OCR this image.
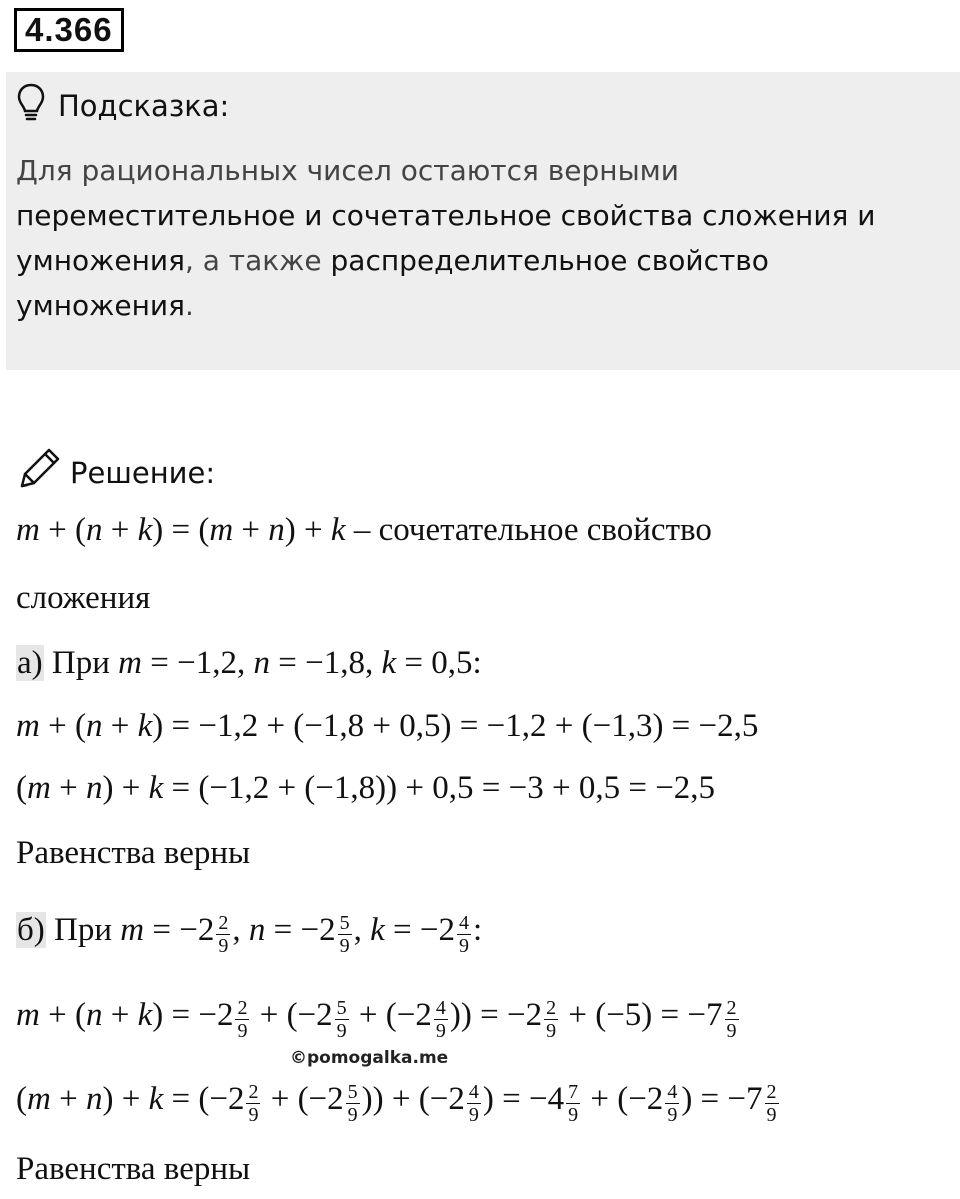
4.366
Подсказка:
Для рациональных чисел остаются верными
переместительное и сочетательное свойства сложения и умножения, а также распределительное свойство умножения.
Решение:
m + (n + k) = (m + n) + k – сочетательное свойство
сложения
а) При m = −1,2, n = −1,8, k = 0,5:
m + (n + k) = −1,2 + (−1,8 + 0,5) = −1,2 + (−1,3) = −2,5
(m + n) + k = (−1,2 + (−1,8)) + 0,5 = −3 + 0,5 = −2,5
Равенства верны
б) При $m = -2 \frac{2}{9}$ , $n = -2 \frac{5}{9}$ , $k = -2 \frac{4}{9}$ :
$m + (n + k) = -2 \frac{2}{9} + (-2 \frac{5}{9} + (-2 \frac{4}{9}$ )) = $-2 \frac{2}{9} + (-5) = -7 \frac{2}{9}$
©pomogalka.me
$(m + n) + k = (-2 \frac{2}{9} + (-2 \frac{5}{9}$ )) + ($-2 \frac{4}{9}$ ) = $-4 \frac{7}{9} + (-2 \frac{4}{9}$ ) = $-7 \frac{2}{9}$
Равенства верны
